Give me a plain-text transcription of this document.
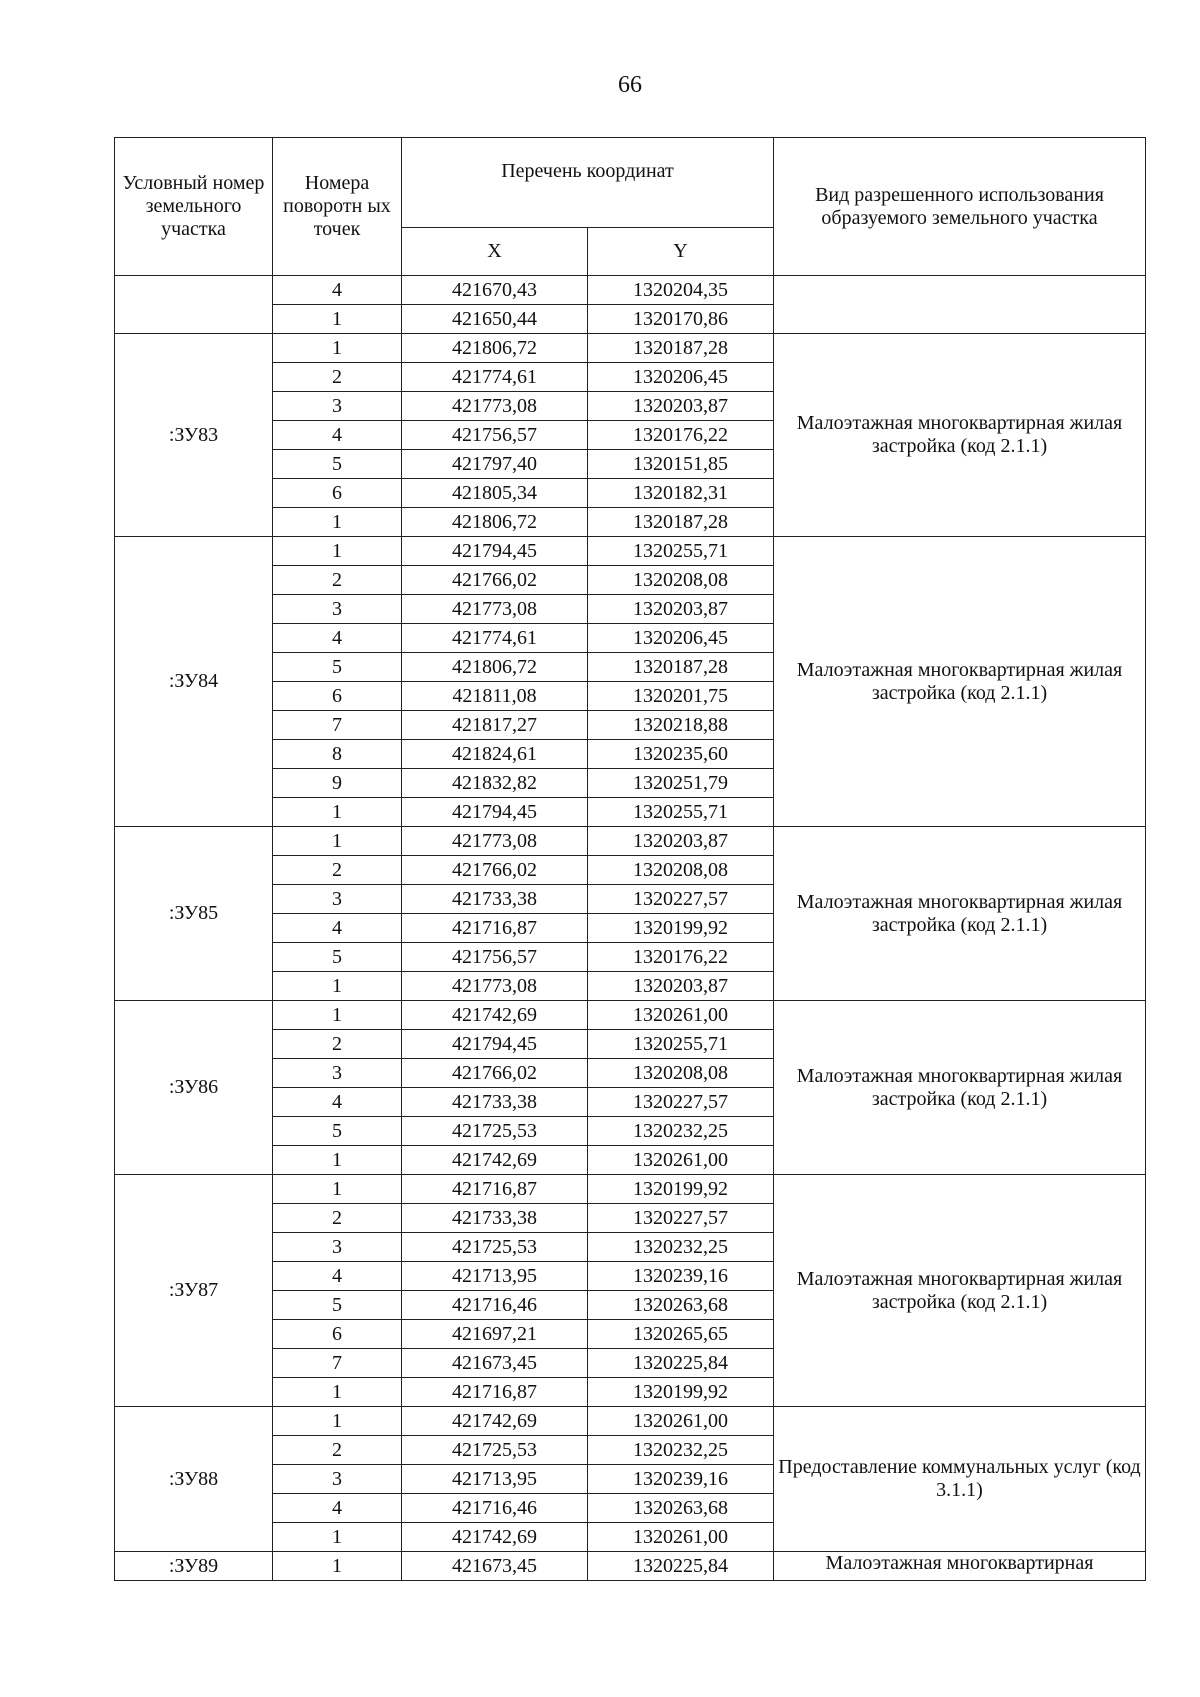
66
Условный номер земельного участка	Номера поворотн ых точек	Перечень координат		Вид разрешенного использования образуемого земельного участка
		X	Y	
	4	421670,43	1320204,35	
	1	421650,44	1320170,86	
:ЗУ83	1	421806,72	1320187,28	Малоэтажная многоквартирная жилая застройка (код 2.1.1)
	2	421774,61	1320206,45	
	3	421773,08	1320203,87	
	4	421756,57	1320176,22	
	5	421797,40	1320151,85	
	6	421805,34	1320182,31	
	1	421806,72	1320187,28	
:ЗУ84	1	421794,45	1320255,71	Малоэтажная многоквартирная жилая застройка (код 2.1.1)
	2	421766,02	1320208,08	
	3	421773,08	1320203,87	
	4	421774,61	1320206,45	
	5	421806,72	1320187,28	
	6	421811,08	1320201,75	
	7	421817,27	1320218,88	
	8	421824,61	1320235,60	
	9	421832,82	1320251,79	
	1	421794,45	1320255,71	
:ЗУ85	1	421773,08	1320203,87	Малоэтажная многоквартирная жилая застройка (код 2.1.1)
	2	421766,02	1320208,08	
	3	421733,38	1320227,57	
	4	421716,87	1320199,92	
	5	421756,57	1320176,22	
	1	421773,08	1320203,87	
:ЗУ86	1	421742,69	1320261,00	Малоэтажная многоквартирная жилая застройка (код 2.1.1)
	2	421794,45	1320255,71	
	3	421766,02	1320208,08	
	4	421733,38	1320227,57	
	5	421725,53	1320232,25	
	1	421742,69	1320261,00	
:ЗУ87	1	421716,87	1320199,92	Малоэтажная многоквартирная жилая застройка (код 2.1.1)
	2	421733,38	1320227,57	
	3	421725,53	1320232,25	
	4	421713,95	1320239,16	
	5	421716,46	1320263,68	
	6	421697,21	1320265,65	
	7	421673,45	1320225,84	
	1	421716,87	1320199,92	
:ЗУ88	1	421742,69	1320261,00	Предоставление коммунальных услуг (код 3.1.1)
	2	421725,53	1320232,25	
	3	421713,95	1320239,16	
	4	421716,46	1320263,68	
	1	421742,69	1320261,00	
:ЗУ89	1	421673,45	1320225,84	Малоэтажная многоквартирная
